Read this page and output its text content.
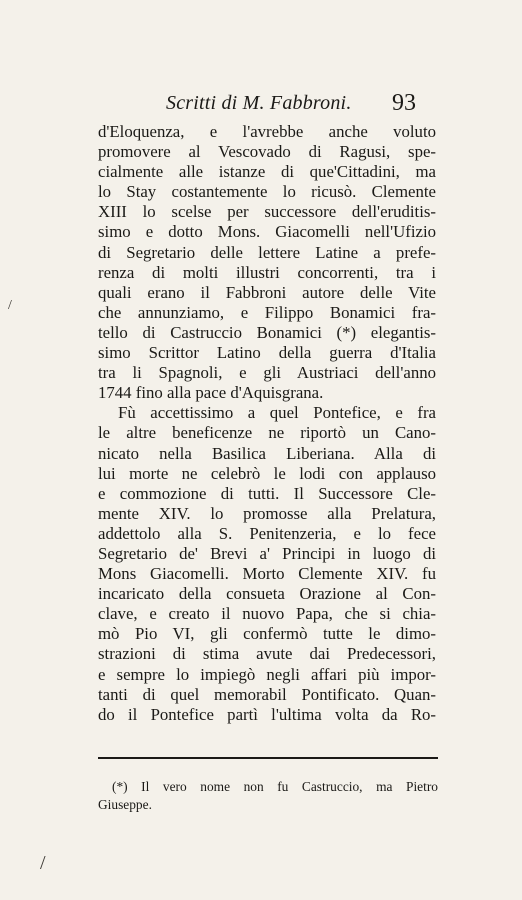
Scritti di M. Fabbroni. 93
d'Eloquenza, e l'avrebbe anche voluto
promovere al Vescovado di Ragusi, spe-
cialmente alle istanze di que'Cittadini, ma
lo Stay costantemente lo ricusò. Clemente
XIII lo scelse per successore dell'eruditis-
simo e dotto Mons. Giacomelli nell'Ufizio
di Segretario delle lettere Latine a prefe-
renza di molti illustri concorrenti, tra i
quali erano il Fabbroni autore delle Vite
che annunziamo, e Filippo Bonamici fra-
tello di Castruccio Bonamici (*) elegantis-
simo Scrittor Latino della guerra d'Italia
tra li Spagnoli, e gli Austriaci dell'anno
1744 fino alla pace d'Aquisgrana.
Fù accettissimo a quel Pontefice, e fra
le altre beneficenze ne riportò un Cano-
nicato nella Basilica Liberiana. Alla di
lui morte ne celebrò le lodi con applauso
e commozione di tutti. Il Successore Cle-
mente XIV. lo promosse alla Prelatura,
addettolo alla S. Penitenzeria, e lo fece
Segretario de' Brevi a' Principi in luogo di
Mons Giacomelli. Morto Clemente XIV. fu
incaricato della consueta Orazione al Con-
clave, e creato il nuovo Papa, che si chia-
mò Pio VI, gli confermò tutte le dimo-
strazioni di stima avute dai Predecessori,
e sempre lo impiegò negli affari più impor-
tanti di quel memorabil Pontificato. Quan-
do il Pontefice partì l'ultima volta da Ro-
(*) Il vero nome non fu Castruccio, ma Pietro
Giuseppe.
/
/
